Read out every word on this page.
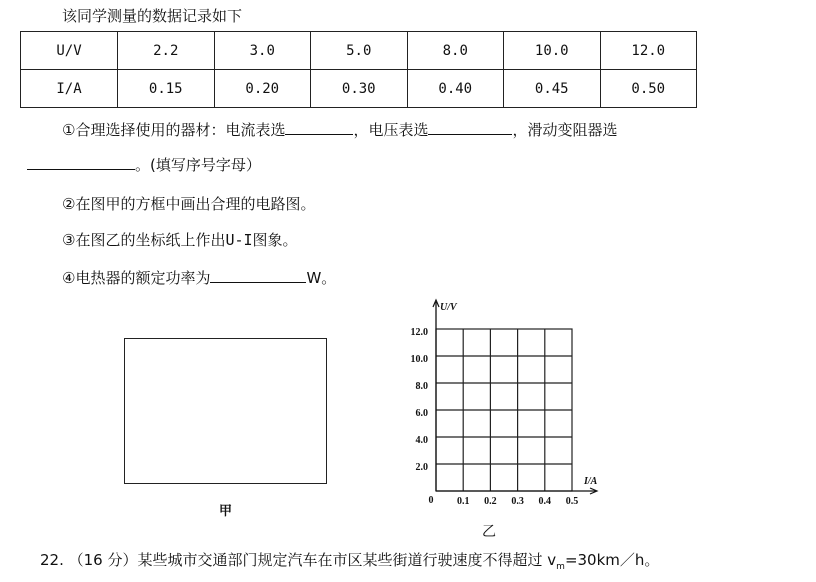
该同学测量的数据记录如下
U/V	2.2	3.0	5.0	8.0	10.0	12.0
I/A	0.15	0.20	0.30	0.40	0.45	0.50
①合理选择使用的器材：电流表选	，电压表选	，滑动变阻器选
。(填写序号字母）
②在图甲的方框中画出合理的电路图。
③在图乙的坐标纸上作出U-I图象。
④电热器的额定功率为	W。
甲
U/V
I/A
0
2.0
4.0
6.0
8.0
10.0
12.0
0.1 0.2 0.3 0.4 0.5
乙
22. （16 分）某些城市交通部门规定汽车在市区某些街道行驶速度不得超过 $v_m=30km/h$。
